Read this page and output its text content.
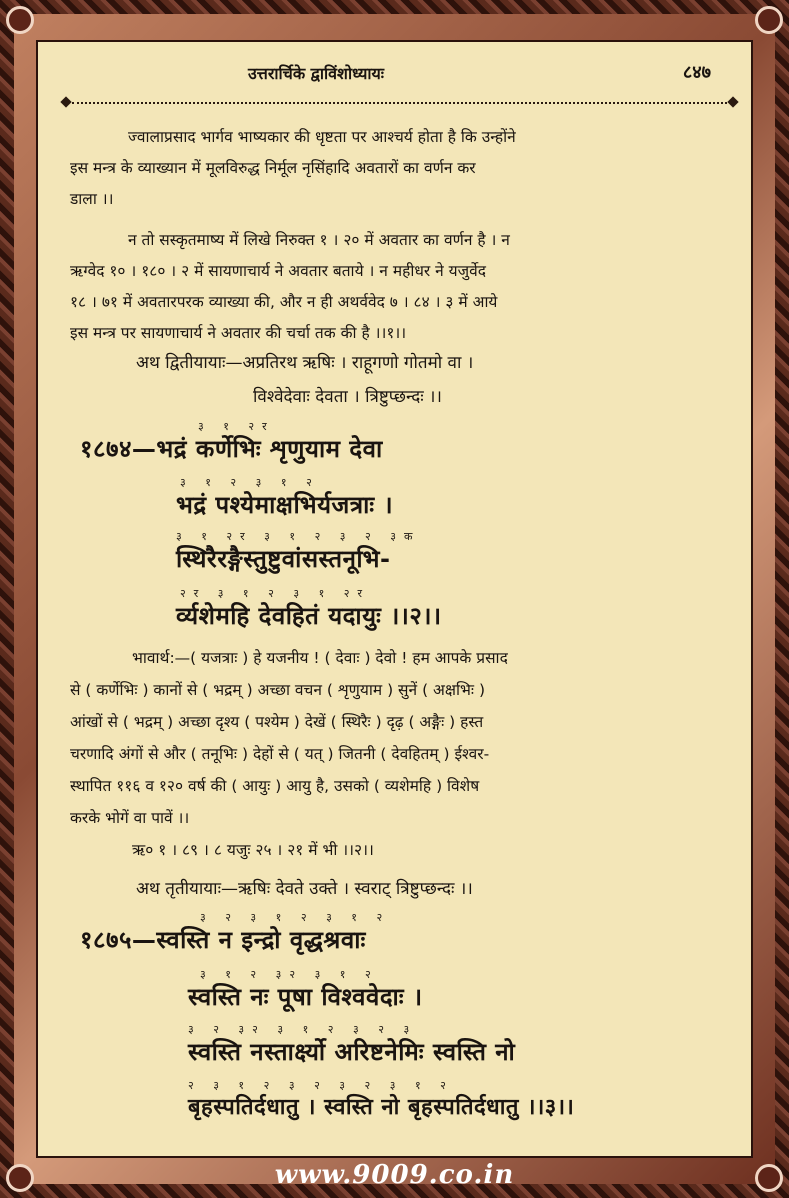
उत्तरार्चिके द्वाविंशोध्यायः	८४७
ज्वालाप्रसाद भार्गव भाष्यकार की धृष्टता पर आश्चर्य होता है कि उन्होंने
इस मन्त्र के व्याख्यान में मूलविरुद्ध निर्मूल नृसिंहादि अवतारों का वर्णन कर
डाला ।।
न तो सस्कृतमाष्य में लिखे निरुक्त १ । २० में अवतार का वर्णन है । न
ऋग्वेद १० । १८० । २ में सायणाचार्य ने अवतार बताये । न महीधर ने यजुर्वेद
१८ । ७१ में अवतारपरक व्याख्या की, और न ही अथर्ववेद ७ । ८४ । ३ में आये
इस मन्त्र पर सायणाचार्य ने अवतार की चर्चा तक की है ।।१।।
अथ द्वितीयायाः—अप्रतिरथ ऋषिः । राहूगणो गोतमो वा ।
विश्वेदेवाः देवता । त्रिष्टुप्छन्दः ।।
३ १ २र
१८७४—भद्रं कर्णेभिः शृणुयाम देवा
३ १ २ ३ १ २
भद्रं पश्येमाक्षभिर्यजत्राः ।
३ १ २र ३ १ २ ३ २ ३क
स्थिरैरङ्गैस्तुष्टुवांसस्तनूभि-
२र ३ १ २ ३ १ २र
र्व्यशेमहि देवहितं यदायुः ।।२।।
भावार्थ:—( यजत्राः ) हे यजनीय ! ( देवाः ) देवो ! हम आपके प्रसाद
से ( कर्णेभिः ) कानों से ( भद्रम् ) अच्छा वचन ( शृणुयाम ) सुनें ( अक्षभिः )
आंखों से ( भद्रम् ) अच्छा दृश्य ( पश्येम ) देखें ( स्थिरैः ) दृढ़ ( अङ्गैः ) हस्त
चरणादि अंगों से और ( तनूभिः ) देहों से ( यत् ) जितनी ( देवहितम् ) ईश्वर-
स्थापित ११६ व १२० वर्ष की ( आयुः ) आयु है, उसको ( व्यशेमहि ) विशेष
करके भोगें वा पावें ।।
ऋ० १ । ८९ । ८ यजुः २५ । २१ में भी ।।२।।
अथ तृतीयायाः—ऋषिः देवते उक्ते । स्वराट् त्रिष्टुप्छन्दः ।।
३ २ ३ १ २ ३ १ २
१८७५—स्वस्ति न इन्द्रो वृद्धश्रवाः
३ १ २ ३२ ३ १ २
स्वस्ति नः पूषा विश्ववेदाः ।
३ २ ३२ ३ १ २ ३ २ ३
स्वस्ति नस्तार्क्ष्यो अरिष्टनेमिः स्वस्ति नो
२ ३ १ २ ३ २ ३ २ ३ १ २
बृहस्पतिर्दधातु । स्वस्ति नो बृहस्पतिर्दधातु ।।३।।
www.9009.co.in
